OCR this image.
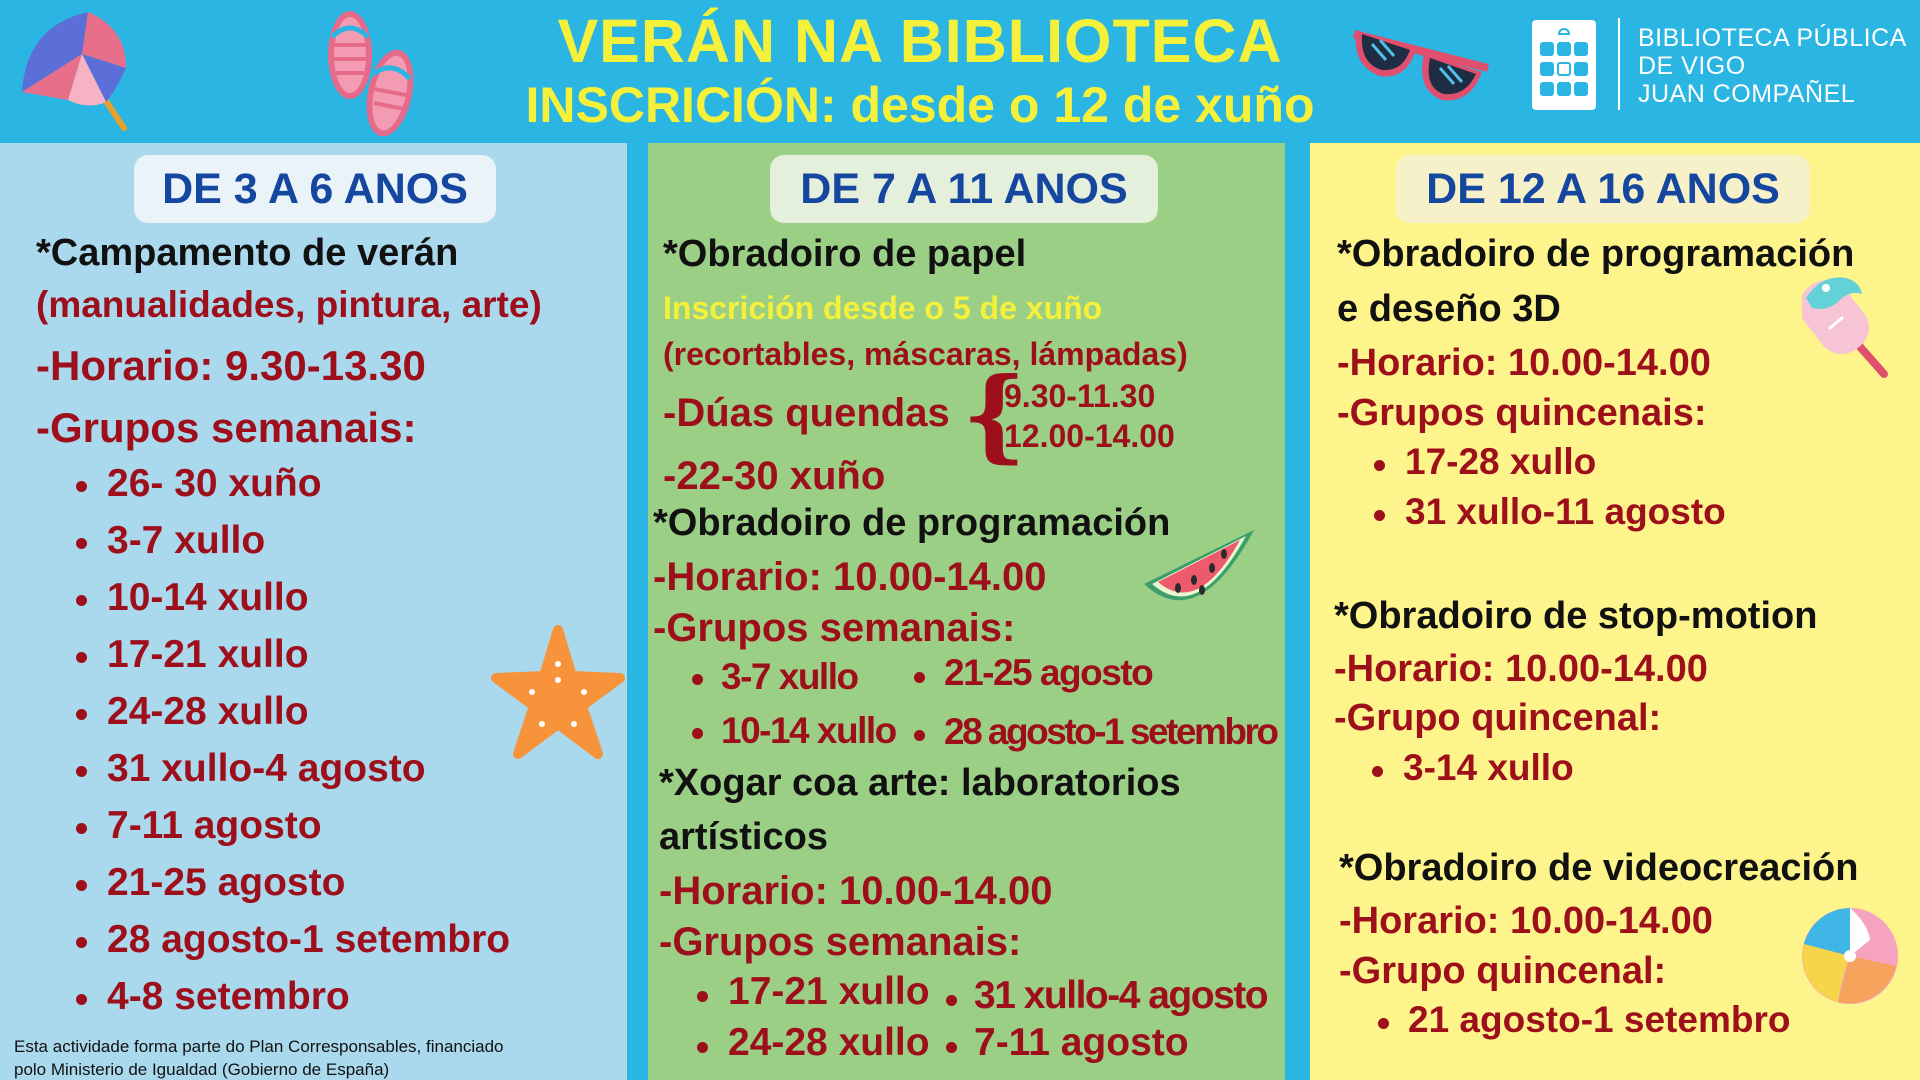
VERÁN NA BIBLIOTECA
INSCRICIÓN: desde o 12 de xuño
BIBLIOTECA PÚBLICA
DE VIGO
JUAN COMPAÑEL
DE 3 A 6 ANOS
*Campamento de verán
(manualidades, pintura, arte)
-Horario: 9.30-13.30
-Grupos semanais:
26- 30 xuño
3-7 xullo
10-14 xullo
17-21 xullo
24-28 xullo
31 xullo-4 agosto
7-11 agosto
21-25 agosto
28 agosto-1 setembro
4-8 setembro
Esta actividade forma parte do Plan Corresponsables, financiado
polo Ministerio de Igualdad (Gobierno de España)
DE 7 A 11 ANOS
*Obradoiro de papel
Inscrición desde o 5 de xuño
(recortables, máscaras, lámpadas)
-Dúas quendas {
9.30-11.30
12.00-14.00
-22-30 xuño
*Obradoiro de programación
-Horario: 10.00-14.00
-Grupos semanais:
3-7 xullo
10-14 xullo
21-25 agosto
28 agosto-1 setembro
*Xogar coa arte: laboratorios
artísticos
-Horario: 10.00-14.00
-Grupos semanais:
17-21 xullo
24-28 xullo
31 xullo-4 agosto
7-11 agosto
DE 12 A 16 ANOS
*Obradoiro de programación
e deseño 3D
-Horario: 10.00-14.00
-Grupos quincenais:
17-28 xullo
31 xullo-11 agosto
*Obradoiro de stop-motion
-Horario: 10.00-14.00
-Grupo quincenal:
3-14 xullo
*Obradoiro de videocreación
-Horario: 10.00-14.00
-Grupo quincenal:
21 agosto-1 setembro
